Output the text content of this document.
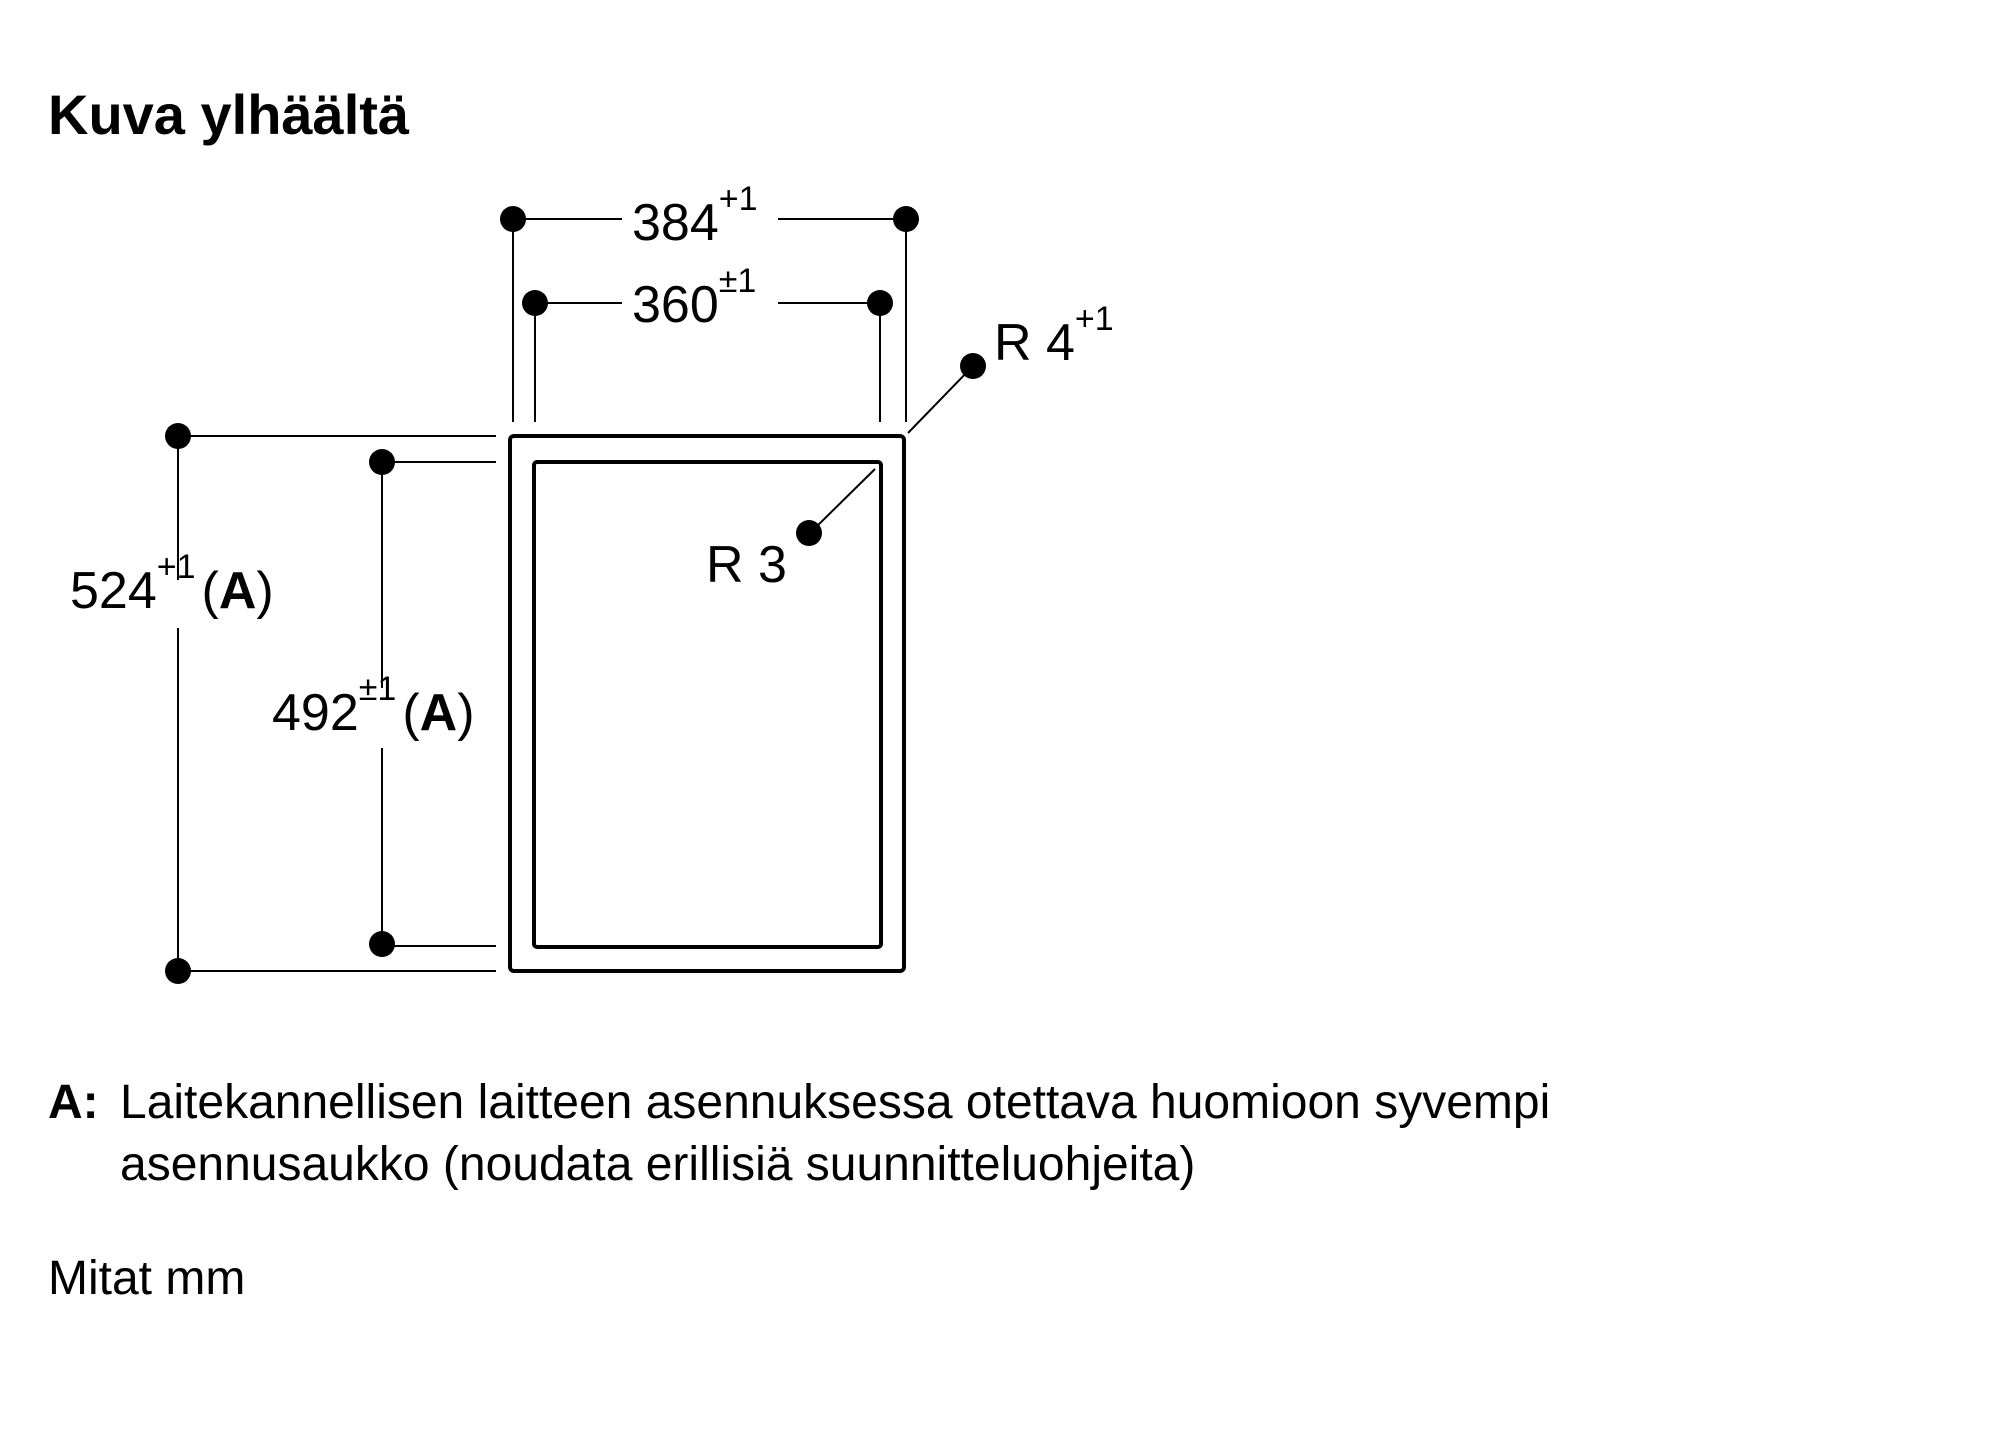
Kuva ylhäältä
$384^{+1}$
$360^{\pm 1}$
R $4^{+1}$
R 3
$524^{+1}$ (A)
$492^{\pm 1}$ (A)
A: Laitekannellisen laitteen asennuksessa otettava huomioon syvempi asennusaukko (noudata erillisiä suunnitteluohjeita)
Mitat mm
